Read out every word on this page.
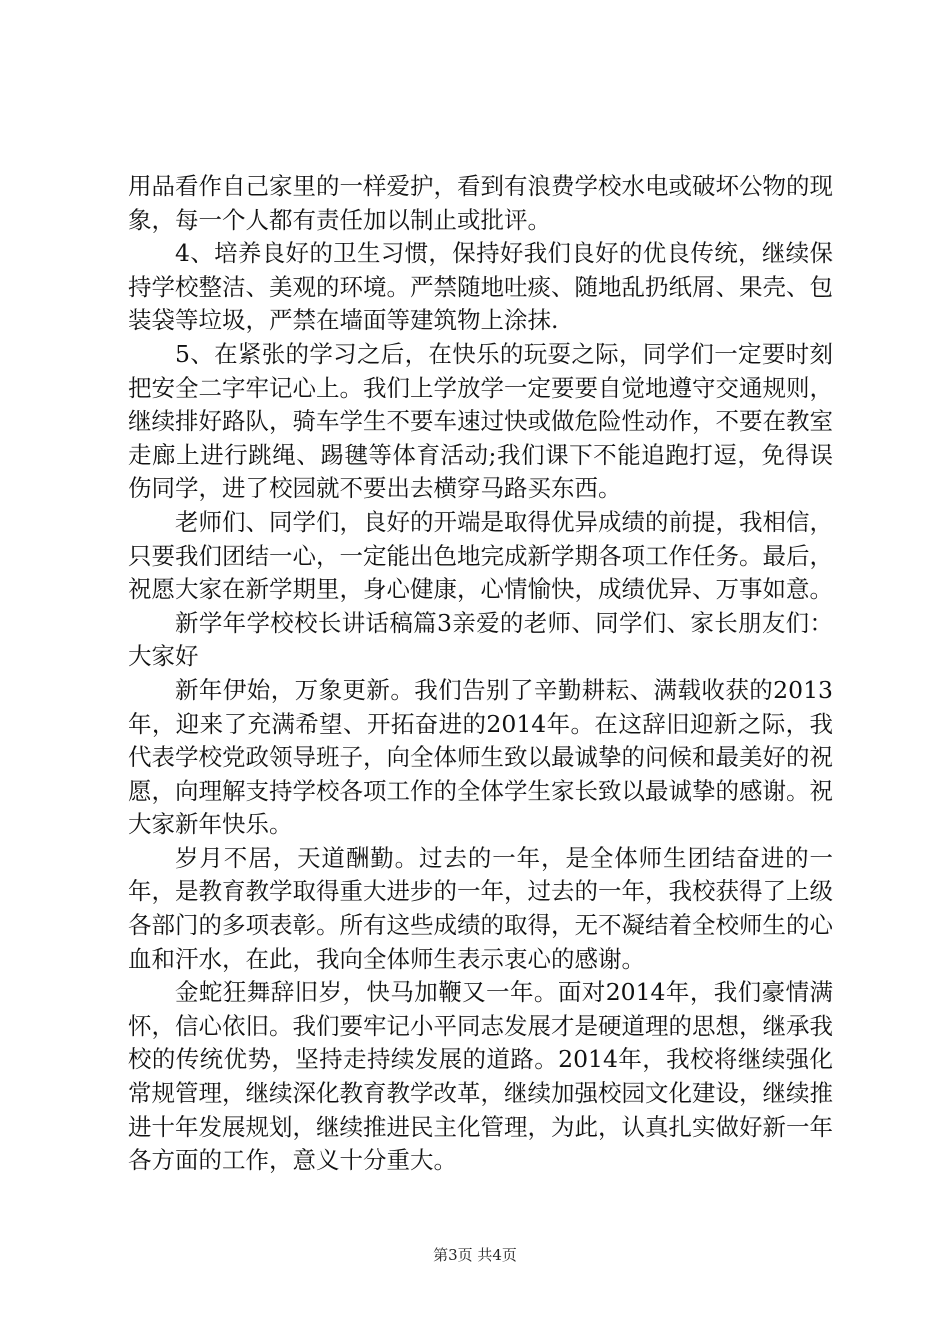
用品看作自己家里的一样爱护，看到有浪费学校水电或破坏公物的现象，每一个人都有责任加以制止或批评。

4、培养良好的卫生习惯，保持好我们良好的优良传统，继续保持学校整洁、美观的环境。严禁随地吐痰、随地乱扔纸屑、果壳、包装袋等垃圾，严禁在墙面等建筑物上涂抹.

5、在紧张的学习之后，在快乐的玩耍之际，同学们一定要时刻把安全二字牢记心上。我们上学放学一定要要自觉地遵守交通规则，继续排好路队，骑车学生不要车速过快或做危险性动作，不要在教室走廊上进行跳绳、踢毽等体育活动;我们课下不能追跑打逗，免得误伤同学，进了校园就不要出去横穿马路买东西。

老师们、同学们，良好的开端是取得优异成绩的前提，我相信，只要我们团结一心，一定能出色地完成新学期各项工作任务。最后，祝愿大家在新学期里，身心健康，心情愉快，成绩优异、万事如意。

新学年学校校长讲话稿篇3亲爱的老师、同学们、家长朋友们：大家好

新年伊始，万象更新。我们告别了辛勤耕耘、满载收获的2013年，迎来了充满希望、开拓奋进的2014年。在这辞旧迎新之际，我代表学校党政领导班子，向全体师生致以最诚挚的问候和最美好的祝愿，向理解支持学校各项工作的全体学生家长致以最诚挚的感谢。祝大家新年快乐。

岁月不居，天道酬勤。过去的一年，是全体师生团结奋进的一年，是教育教学取得重大进步的一年，过去的一年，我校获得了上级各部门的多项表彰。所有这些成绩的取得，无不凝结着全校师生的心血和汗水，在此，我向全体师生表示衷心的感谢。

金蛇狂舞辞旧岁，快马加鞭又一年。面对2014年，我们豪情满怀，信心依旧。我们要牢记小平同志发展才是硬道理的思想，继承我校的传统优势，坚持走持续发展的道路。2014年，我校将继续强化常规管理，继续深化教育教学改革，继续加强校园文化建设，继续推进十年发展规划，继续推进民主化管理，为此，认真扎实做好新一年各方面的工作，意义十分重大。

第3页 共4页
